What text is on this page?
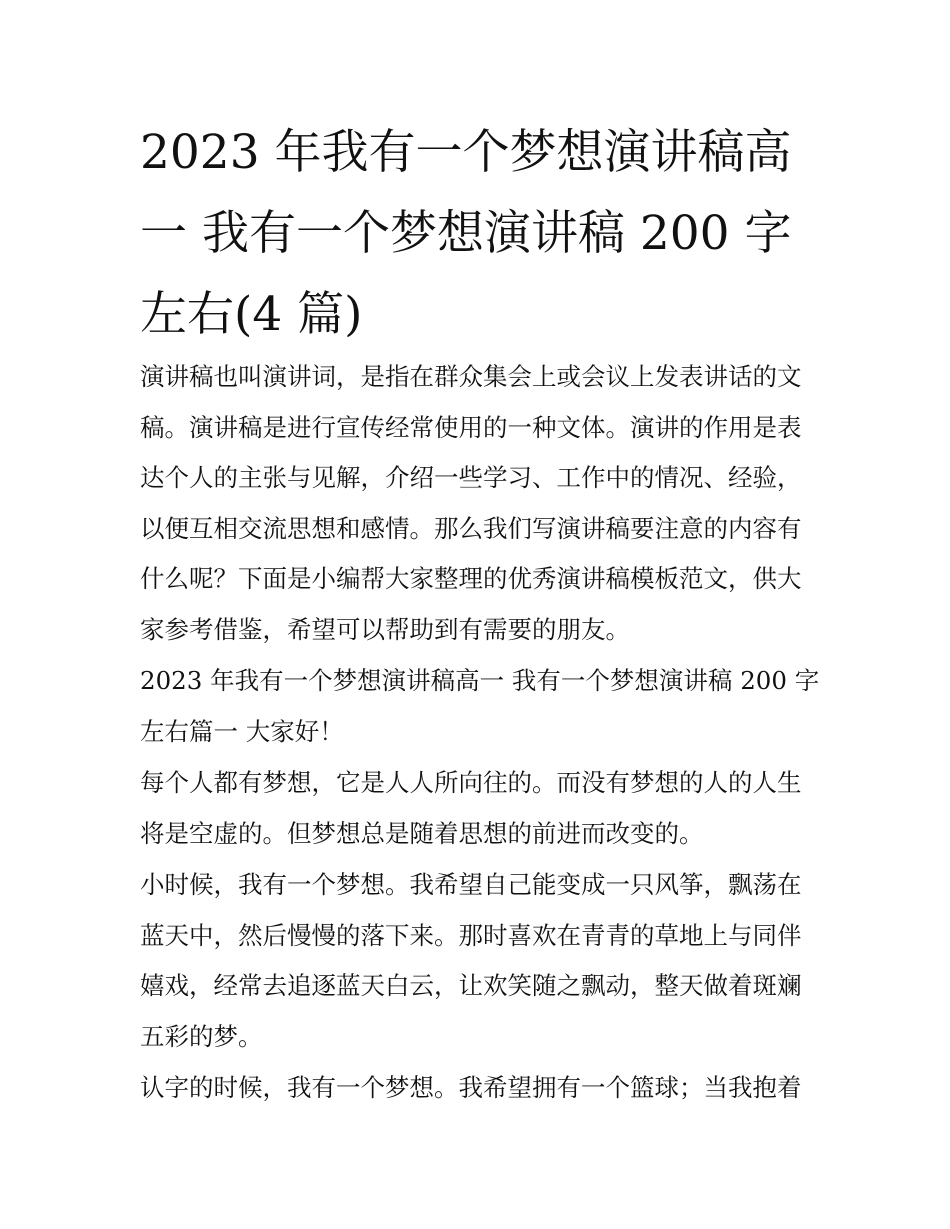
2023 年我有一个梦想演讲稿高
一 我有一个梦想演讲稿 200 字
左右(4 篇)

演讲稿也叫演讲词，是指在群众集会上或会议上发表讲话的文
稿。演讲稿是进行宣传经常使用的一种文体。演讲的作用是表
达个人的主张与见解，介绍一些学习、工作中的情况、经验，
以便互相交流思想和感情。那么我们写演讲稿要注意的内容有
什么呢？下面是小编帮大家整理的优秀演讲稿模板范文，供大
家参考借鉴，希望可以帮助到有需要的朋友。

2023 年我有一个梦想演讲稿高一 我有一个梦想演讲稿 200 字
左右篇一 大家好！

每个人都有梦想，它是人人所向往的。而没有梦想的人的人生
将是空虚的。但梦想总是随着思想的前进而改变的。

小时候，我有一个梦想。我希望自己能变成一只风筝，飘荡在
蓝天中，然后慢慢的落下来。那时喜欢在青青的草地上与同伴
嬉戏，经常去追逐蓝天白云，让欢笑随之飘动，整天做着斑斓
五彩的梦。

认字的时候，我有一个梦想。我希望拥有一个篮球；当我抱着
